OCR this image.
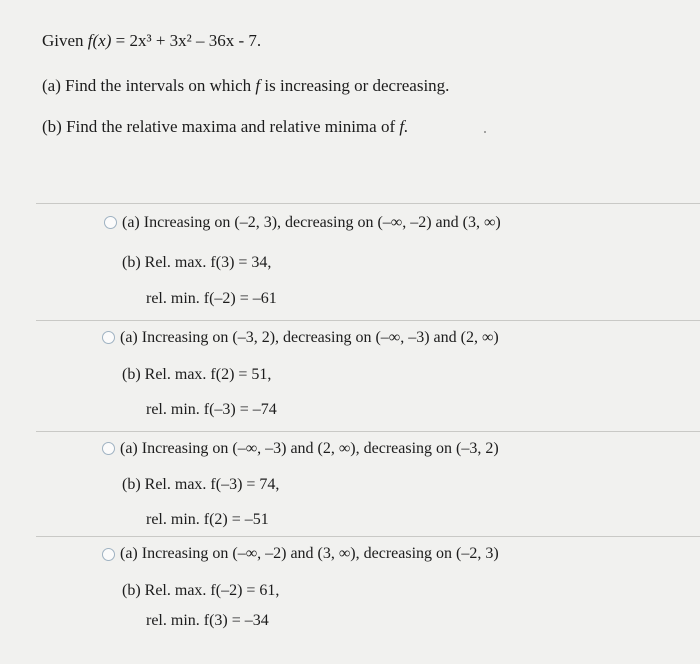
Given f(x) = 2x³ + 3x² – 36x - 7.
(a) Find the intervals on which f is increasing or decreasing.
(b) Find the relative maxima and relative minima of f.
(a) Increasing on (–2, 3), decreasing on (–∞, –2) and (3, ∞)
(b) Rel. max. f(3) = 34,
rel. min. f(–2) = –61
(a) Increasing on (–3, 2), decreasing on (–∞, –3) and (2, ∞)
(b) Rel. max. f(2) = 51,
rel. min. f(–3) = –74
(a) Increasing on (–∞, –3) and (2, ∞), decreasing on (–3, 2)
(b) Rel. max. f(–3) = 74,
rel. min. f(2) = –51
(a) Increasing on (–∞, –2) and (3, ∞), decreasing on (–2, 3)
(b) Rel. max. f(–2) = 61,
rel. min. f(3) = –34
